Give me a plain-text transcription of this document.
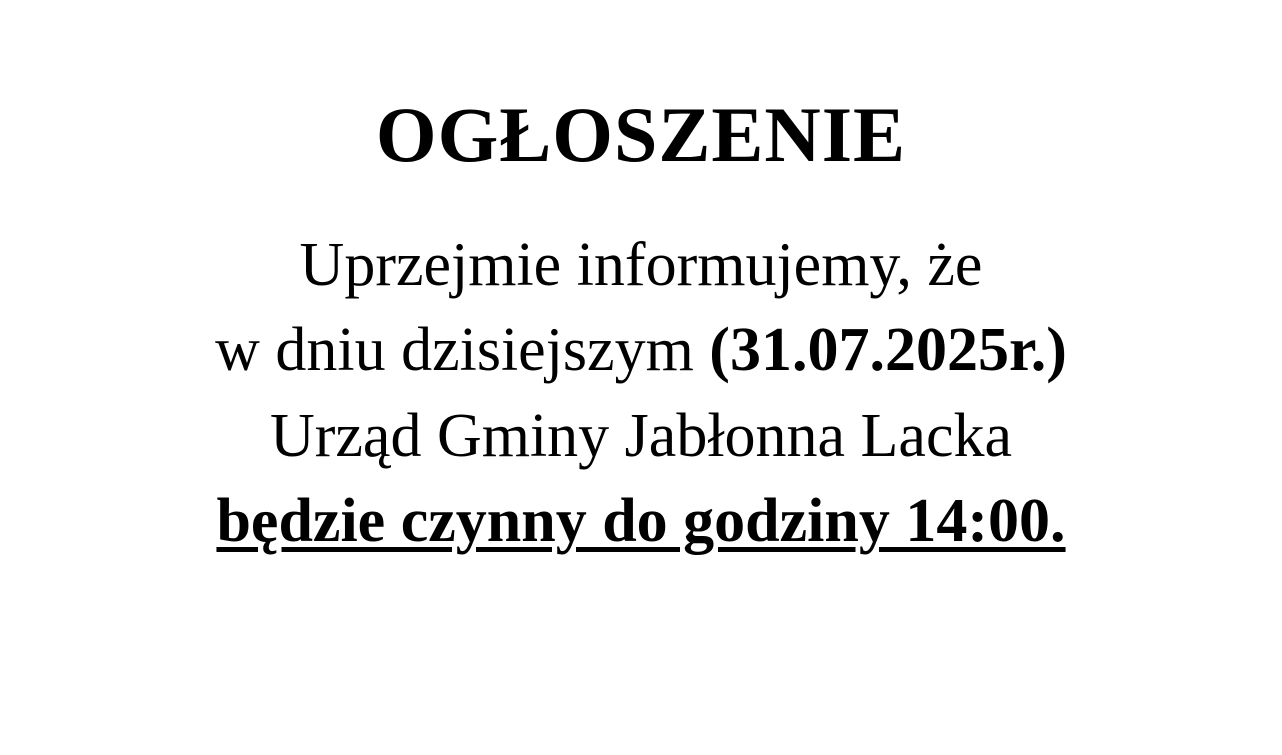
OGŁOSZENIE
Uprzejmie informujemy, że
w dniu dzisiejszym (31.07.2025r.)
Urząd Gminy Jabłonna Lacka
będzie czynny do godziny 14:00.
